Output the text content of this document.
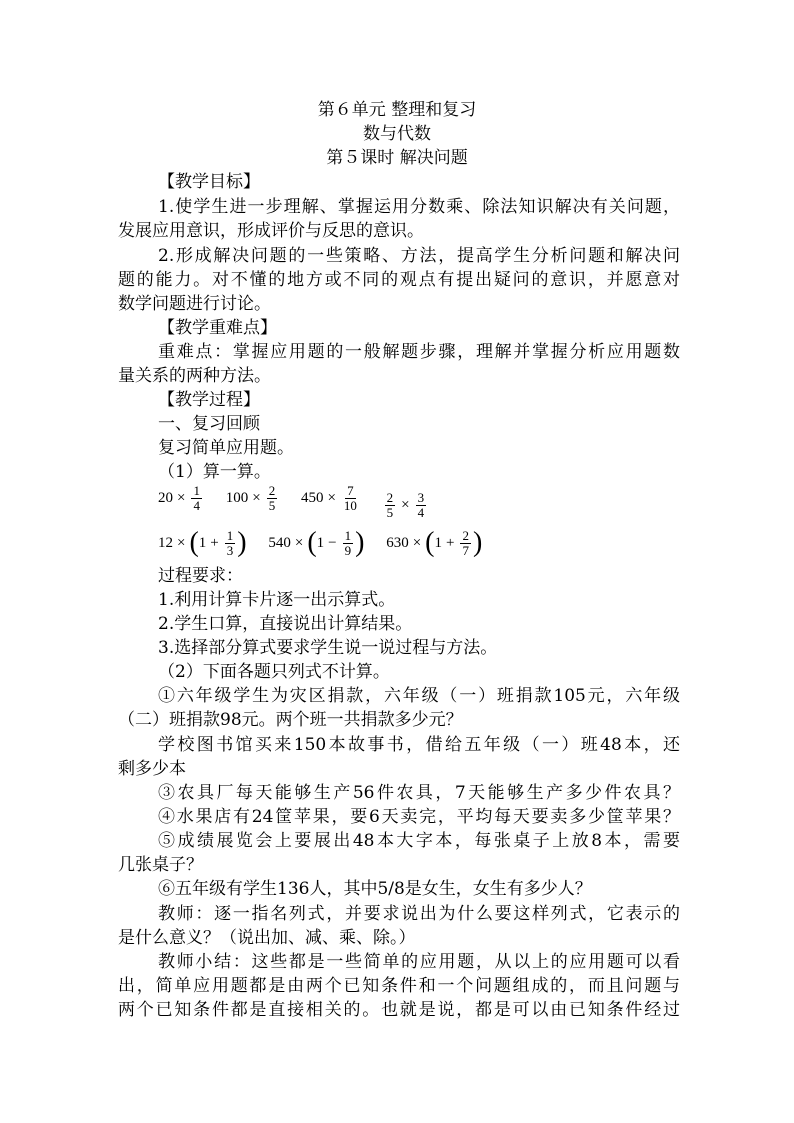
第６单元 整理和复习
数与代数
第５课时 解决问题
【教学目标】
1.使学生进一步理解、掌握运用分数乘、除法知识解决有关问题，
发展应用意识，形成评价与反思的意识。
2.形成解决问题的一些策略、方法，提高学生分析问题和解决问
题的能力。对不懂的地方或不同的观点有提出疑问的意识，并愿意对
数学问题进行讨论。
【教学重难点】
重难点：掌握应用题的一般解题步骤，理解并掌握分析应用题数
量关系的两种方法。
【教学过程】
一、复习回顾
复习简单应用题。
（1）算一算。
$20 \times \frac{1}{4}$
$100 \times \frac{2}{5}$
$450 \times \frac{7}{10}$
$\frac{2}{5} \times \frac{3}{4}$
12 × ( $1 + \frac{1}{3}$ )
540 × ( $1 - \frac{1}{9}$ )
630 × ( $1 + \frac{2}{7}$ )
过程要求：
1.利用计算卡片逐一出示算式。
2.学生口算，直接说出计算结果。
3.选择部分算式要求学生说一说过程与方法。
（2）下面各题只列式不计算。
①六年级学生为灾区捐款，六年级（一）班捐款105元，六年级
（二）班捐款98元。两个班一共捐款多少元？
学校图书馆买来150本故事书，借给五年级（一）班48本，还
剩多少本
③农具厂每天能够生产56件农具，7天能够生产多少件农具？
④水果店有24筐苹果，要6天卖完，平均每天要卖多少筐苹果？
⑤成绩展览会上要展出48本大字本，每张桌子上放8本，需要
几张桌子？
⑥五年级有学生136人，其中5/8是女生，女生有多少人？
教师：逐一指名列式，并要求说出为什么要这样列式，它表示的
是什么意义？（说出加、减、乘、除。）
教师小结：这些都是一些简单的应用题，从以上的应用题可以看
出，简单应用题都是由两个已知条件和一个问题组成的，而且问题与
两个已知条件都是直接相关的。也就是说，都是可以由已知条件经过
